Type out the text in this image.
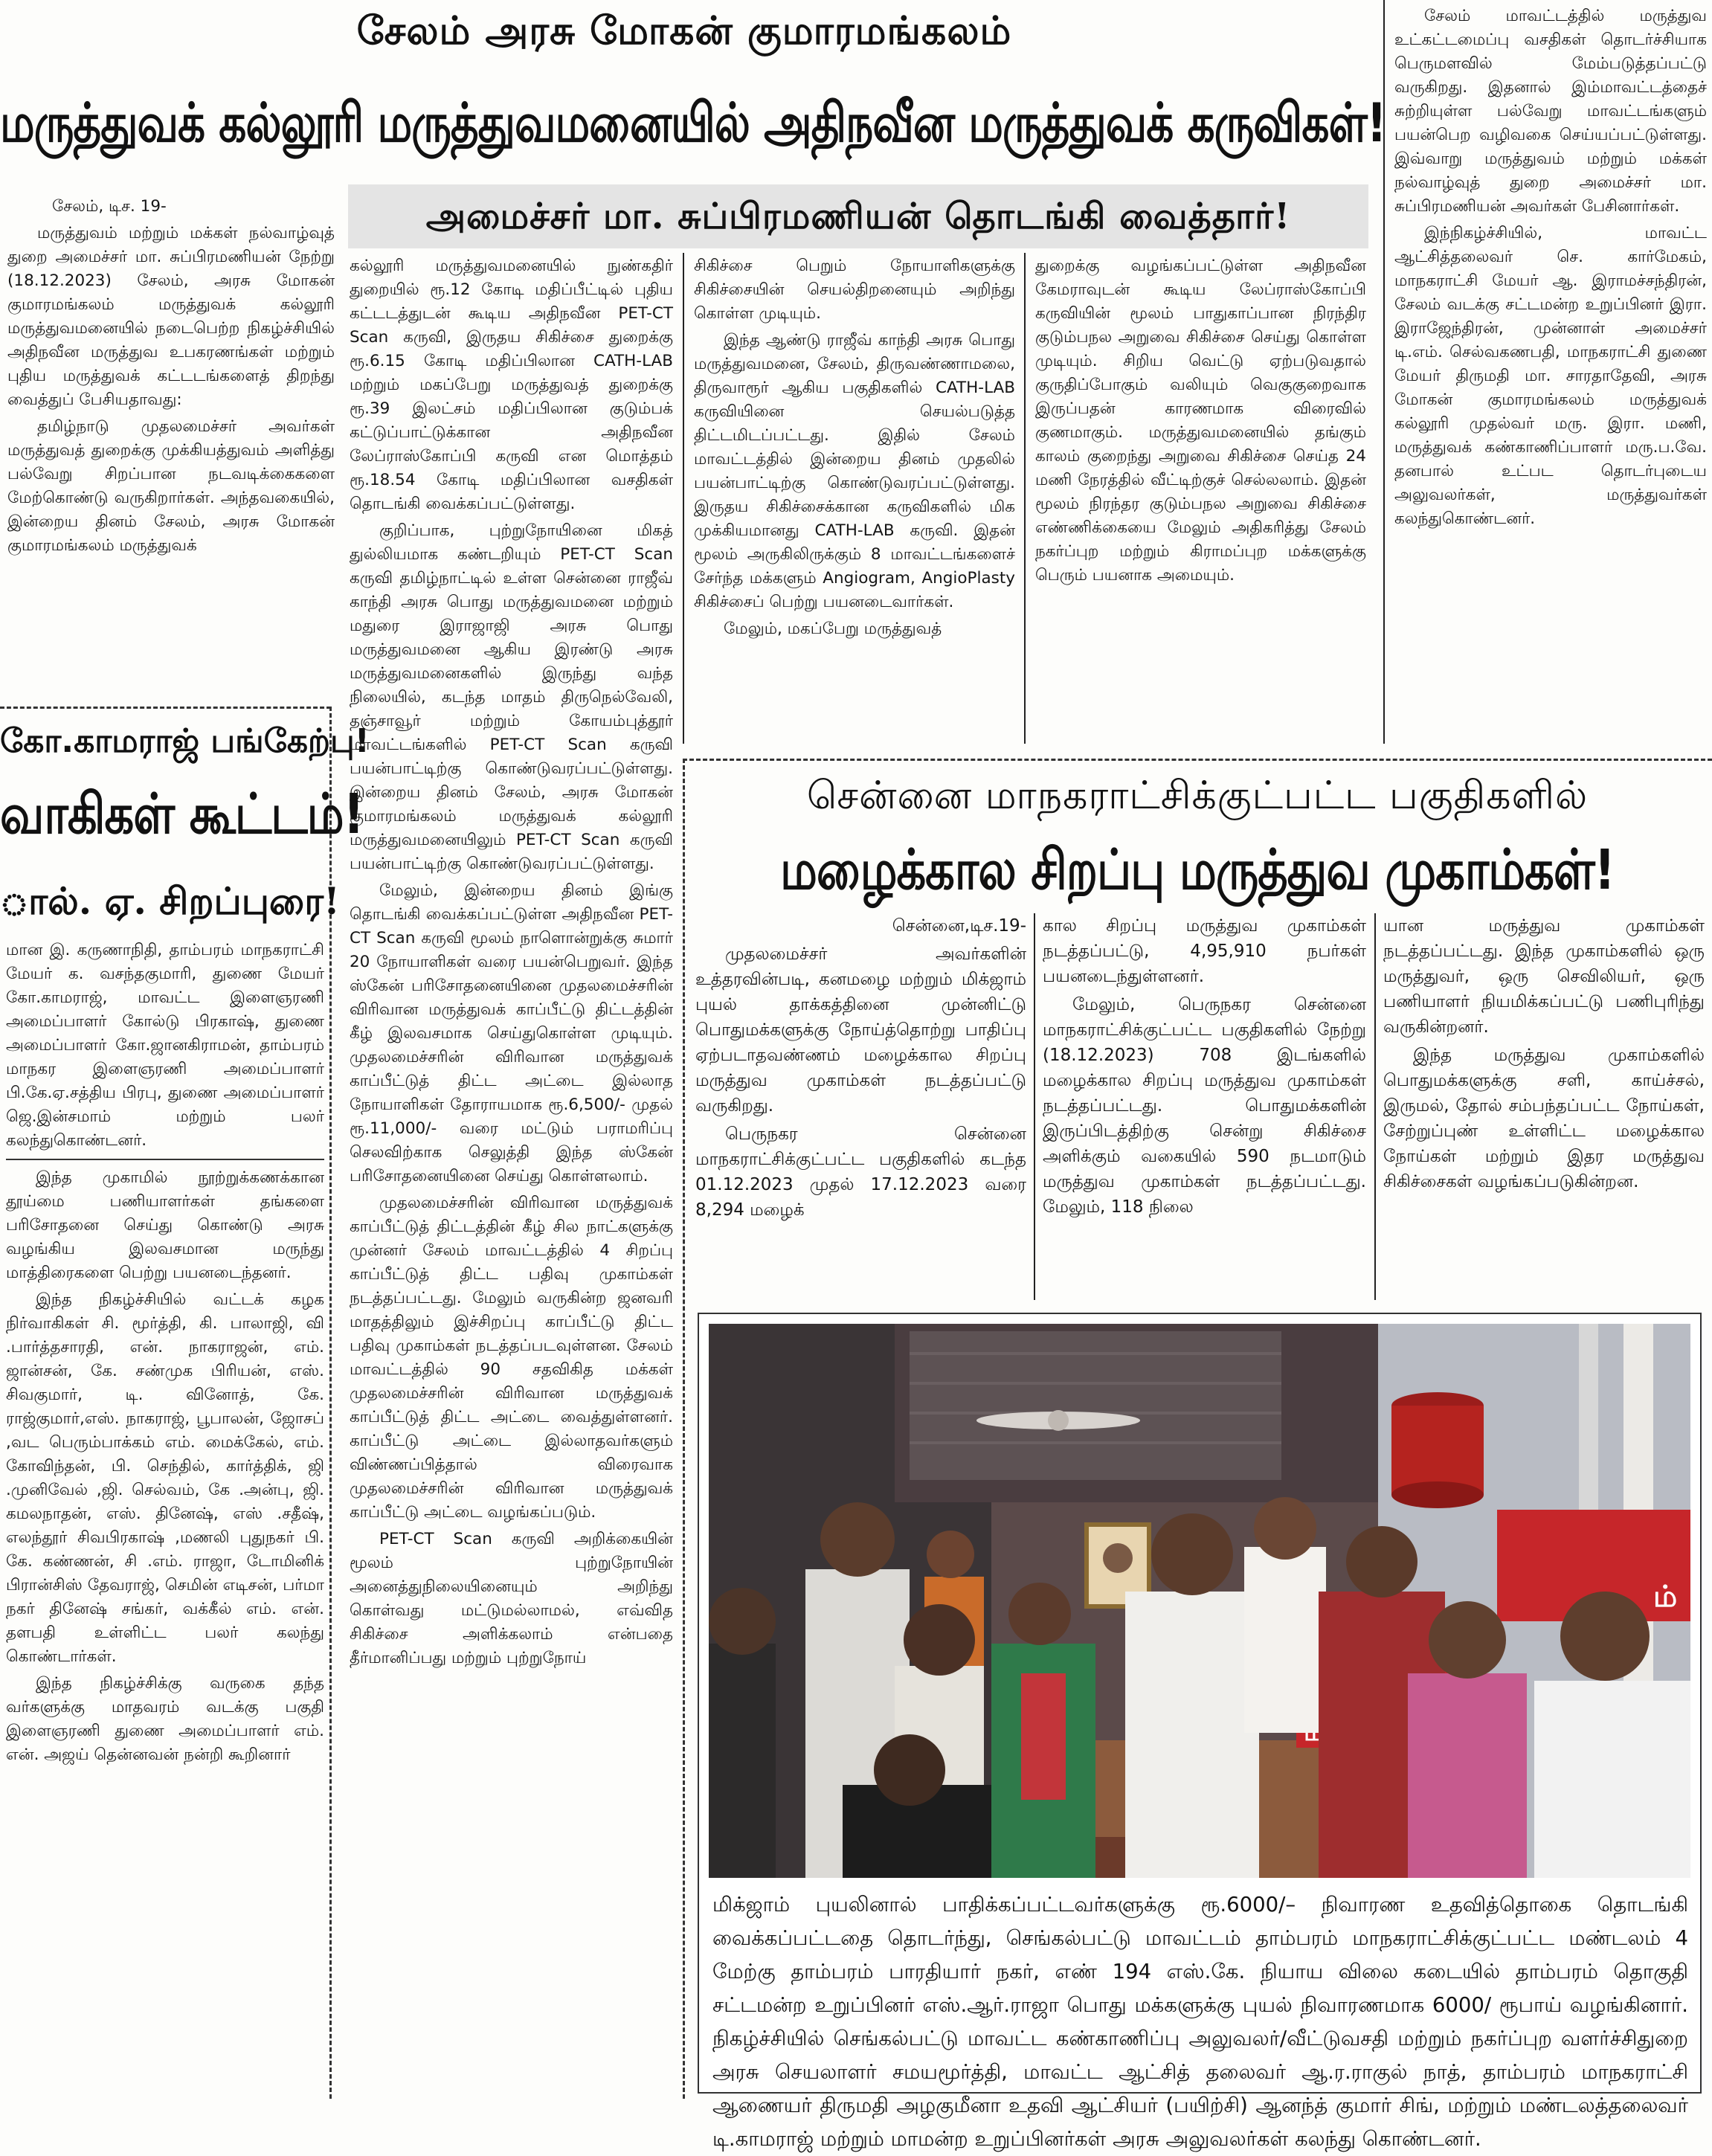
சேலம் அரசு மோகன் குமாரமங்கலம்
மருத்துவக் கல்லூரி மருத்துவமனையில் அதிநவீன மருத்துவக் கருவிகள்!
அமைச்சர் மா. சுப்பிரமணியன் தொடங்கி வைத்தார்!

சேலம், டிச. 19-

மருத்துவம் மற்றும் மக்கள் நல்வாழ்வுத் துறை அமைச்சர் மா. சுப்பிரமணியன் நேற்று (18.12.2023) சேலம், அரசு மோகன் குமாரமங்கலம் மருத்துவக் கல்லூரி மருத்துவமனையில் நடைபெற்ற நிகழ்ச்சியில் அதிநவீன மருத்துவ உபகரணங்கள் மற்றும் புதிய மருத்துவக் கட்டடங்களைத் திறந்து வைத்துப் பேசியதாவது:

தமிழ்நாடு முதலமைச்சர் அவர்கள் மருத்துவத் துறைக்கு முக்கியத்துவம் அளித்து பல்வேறு சிறப்பான நடவடிக்கைகளை மேற்கொண்டு வருகிறார்கள். அந்தவகையில், இன்றைய தினம் சேலம், அரசு மோகன் குமாரமங்கலம் மருத்துவக்

கல்லூரி மருத்துவமனையில் நுண்கதிர் துறையில் ரூ.12 கோடி மதிப்பீட்டில் புதிய கட்டடத்துடன் கூடிய அதிநவீன PET-CT Scan கருவி, இருதய சிகிச்சை துறைக்கு ரூ.6.15 கோடி மதிப்பிலான CATH-LAB மற்றும் மகப்பேறு மருத்துவத் துறைக்கு ரூ.39 இலட்சம் மதிப்பிலான குடும்பக் கட்டுப்பாட்டுக்கான அதிநவீன லேப்ராஸ்கோப்பி கருவி என மொத்தம் ரூ.18.54 கோடி மதிப்பிலான வசதிகள் தொடங்கி வைக்கப்பட்டுள்ளது.

குறிப்பாக, புற்றுநோயினை மிகத் துல்லியமாக கண்டறியும் PET-CT Scan கருவி தமிழ்நாட்டில் உள்ள சென்னை ராஜீவ் காந்தி அரசு பொது மருத்துவமனை மற்றும் மதுரை இராஜாஜி அரசு பொது மருத்துவமனை ஆகிய இரண்டு அரசு மருத்துவமனைகளில் இருந்து வந்த நிலையில், கடந்த மாதம் திருநெல்வேலி, தஞ்சாவூர் மற்றும் கோயம்புத்தூர் மாவட்டங்களில் PET-CT Scan கருவி பயன்பாட்டிற்கு கொண்டுவரப்பட்டுள்ளது. இன்றைய தினம் சேலம், அரசு மோகன் குமாரமங்கலம் மருத்துவக் கல்லூரி மருத்துவமனையிலும் PET-CT Scan கருவி பயன்பாட்டிற்கு கொண்டுவரப்பட்டுள்ளது.

மேலும், இன்றைய தினம் இங்கு தொடங்கி வைக்கப்பட்டுள்ள அதிநவீன PET-CT Scan கருவி மூலம் நாளொன்றுக்கு சுமார் 20 நோயாளிகள் வரை பயன்பெறுவர். இந்த ஸ்கேன் பரிசோதனையினை முதலமைச்சரின் விரிவான மருத்துவக் காப்பீட்டு திட்டத்தின் கீழ் இலவசமாக செய்துகொள்ள முடியும். முதலமைச்சரின் விரிவான மருத்துவக் காப்பீட்டுத் திட்ட அட்டை இல்லாத நோயாளிகள் தோராயமாக ரூ.6,500/- முதல் ரூ.11,000/- வரை மட்டும் பராமரிப்பு செலவிற்காக செலுத்தி இந்த ஸ்கேன் பரிசோதனையினை செய்து கொள்ளலாம்.

முதலமைச்சரின் விரிவான மருத்துவக் காப்பீட்டுத் திட்டத்தின் கீழ் சில நாட்களுக்கு முன்னர் சேலம் மாவட்டத்தில் 4 சிறப்பு காப்பீட்டுத் திட்ட பதிவு முகாம்கள் நடத்தப்பட்டது. மேலும் வருகின்ற ஜனவரி மாதத்திலும் இச்சிறப்பு காப்பீட்டு திட்ட பதிவு முகாம்கள் நடத்தப்படவுள்ளன. சேலம் மாவட்டத்தில் 90 சதவிகித மக்கள் முதலமைச்சரின் விரிவான மருத்துவக் காப்பீட்டுத் திட்ட அட்டை வைத்துள்ளனர். காப்பீட்டு அட்டை இல்லாதவர்களும் விண்ணப்பித்தால் விரைவாக முதலமைச்சரின் விரிவான மருத்துவக் காப்பீட்டு அட்டை வழங்கப்படும்.

PET-CT Scan கருவி அறிக்கையின் மூலம் புற்றுநோயின் அனைத்துநிலையினையும் அறிந்து கொள்வது மட்டுமல்லாமல், எவ்வித சிகிச்சை அளிக்கலாம் என்பதை தீர்மானிப்பது மற்றும் புற்றுநோய்

சிகிச்சை பெறும் நோயாளிகளுக்கு சிகிச்சையின் செயல்திறனையும் அறிந்து கொள்ள முடியும்.

இந்த ஆண்டு ராஜீவ் காந்தி அரசு பொது மருத்துவமனை, சேலம், திருவண்ணாமலை, திருவாரூர் ஆகிய பகுதிகளில் CATH-LAB கருவியினை செயல்படுத்த திட்டமிடப்பட்டது. இதில் சேலம் மாவட்டத்தில் இன்றைய தினம் முதலில் பயன்பாட்டிற்கு கொண்டுவரப்பட்டுள்ளது. இருதய சிகிச்சைக்கான கருவிகளில் மிக முக்கியமானது CATH-LAB கருவி. இதன் மூலம் அருகிலிருக்கும் 8 மாவட்டங்களைச் சேர்ந்த மக்களும் Angiogram, AngioPlasty சிகிச்சைப் பெற்று பயனடைவார்கள்.

மேலும், மகப்பேறு மருத்துவத்

துறைக்கு வழங்கப்பட்டுள்ள அதிநவீன கேமராவுடன் கூடிய லேப்ராஸ்கோப்பி கருவியின் மூலம் பாதுகாப்பான நிரந்திர குடும்பநல அறுவை சிகிச்சை செய்து கொள்ள முடியும். சிறிய வெட்டு ஏற்படுவதால் குருதிப்போகும் வலியும் வெகுகுறைவாக இருப்பதன் காரணமாக விரைவில் குணமாகும். மருத்துவமனையில் தங்கும் காலம் குறைந்து அறுவை சிகிச்சை செய்த 24 மணி நேரத்தில் வீட்டிற்குச் செல்லலாம். இதன் மூலம் நிரந்தர குடும்பநல அறுவை சிகிச்சை எண்ணிக்கையை மேலும் அதிகரித்து சேலம் நகர்ப்புற மற்றும் கிராமப்புற மக்களுக்கு பெரும் பயனாக அமையும்.

சேலம் மாவட்டத்தில் மருத்துவ உட்கட்டமைப்பு வசதிகள் தொடர்ச்சியாக பெருமளவில் மேம்படுத்தப்பட்டு வருகிறது. இதனால் இம்மாவட்டத்தைச் சுற்றியுள்ள பல்வேறு மாவட்டங்களும் பயன்பெற வழிவகை செய்யப்பட்டுள்ளது. இவ்வாறு மருத்துவம் மற்றும் மக்கள் நல்வாழ்வுத் துறை அமைச்சர் மா. சுப்பிரமணியன் அவர்கள் பேசினார்கள்.

இந்நிகழ்ச்சியில், மாவட்ட ஆட்சித்தலைவர் செ. கார்மேகம், மாநகராட்சி மேயர் ஆ. இராமச்சந்திரன், சேலம் வடக்கு சட்டமன்ற உறுப்பினர் இரா. இராஜேந்திரன், முன்னாள் அமைச்சர் டி.எம். செல்வகணபதி, மாநகராட்சி துணை மேயர் திருமதி மா. சாரதாதேவி, அரசு மோகன் குமாரமங்கலம் மருத்துவக் கல்லூரி முதல்வர் மரு. இரா. மணி, மருத்துவக் கண்காணிப்பாளர் மரு.ப.வே. தனபால் உட்பட தொடர்புடைய அலுவலர்கள், மருத்துவர்கள் கலந்துகொண்டனர்.

கோ.காமராஜ் பங்கேற்பு!
வாகிகள் கூட்டம்!
ால். ஏ. சிறப்புரை!

மான இ. கருணாநிதி, தாம்பரம் மாநகராட்சி மேயர் க. வசந்தகுமாரி, துணை மேயர் கோ.காமராஜ், மாவட்ட இளைஞரணி அமைப்பாளர் கோல்டு பிரகாஷ், துணை அமைப்பாளர் கோ.ஜானகிராமன், தாம்பரம் மாநகர இளைஞரணி அமைப்பாளர் பி.கே.ஏ.சத்திய பிரபு, துணை அமைப்பாளர் ஜெ.இன்சமாம் மற்றும் பலர் கலந்துகொண்டனர்.

இந்த முகாமில் நூற்றுக்கணக்கான தூய்மை பணியாளர்கள் தங்களை பரிசோதனை செய்து கொண்டு அரசு வழங்கிய இலவசமான மருந்து மாத்திரைகளை பெற்று பயனடைந்தனர்.

இந்த நிகழ்ச்சியில் வட்டக் கழக நிர்வாகிகள் சி. மூர்த்தி, கி. பாலாஜி, வி .பார்த்தசாரதி, என். நாகராஜன், எம். ஜான்சன், கே. சண்முக பிரியன், எஸ். சிவகுமார், டி. வினோத், கே. ராஜ்குமார்,எஸ். நாகராஜ், பூபாலன், ஜோசப் ,வட பெரும்பாக்கம் எம். மைக்கேல், எம். கோவிந்தன், பி. செந்தில், கார்த்திக், ஜி .முனிவேல் ,ஜி. செல்வம், கே .அன்பு, ஜி. கமலநாதன், எஸ். தினேஷ், எஸ் .சதீஷ், எலந்தூர் சிவபிரகாஷ் ,மணலி புதுநகர் பி. கே. கண்ணன், சி .எம். ராஜா, டோமினிக் பிரான்சிஸ் தேவராஜ், செமின் எடிசன், பர்மா நகர் தினேஷ் சங்கர், வக்கீல் எம். என். தளபதி உள்ளிட்ட பலர் கலந்து கொண்டார்கள்.

இந்த நிகழ்ச்சிக்கு வருகை தந்த வர்களுக்கு மாதவரம் வடக்கு பகுதி இளைஞரணி துணை அமைப்பாளர் எம். என். அஜய் தென்னவன் நன்றி கூறினார்

சென்னை மாநகராட்சிக்குட்பட்ட பகுதிகளில்
மழைக்கால சிறப்பு மருத்துவ முகாம்கள்!

சென்னை,டிச.19-

முதலமைச்சர் அவர்களின் உத்தரவின்படி, கனமழை மற்றும் மிக்ஜாம் புயல் தாக்கத்தினை முன்னிட்டு பொதுமக்களுக்கு நோய்த்தொற்று பாதிப்பு ஏற்படாதவண்ணம் மழைக்கால சிறப்பு மருத்துவ முகாம்கள் நடத்தப்பட்டு வருகிறது.

பெருநகர சென்னை மாநகராட்சிக்குட்பட்ட பகுதிகளில் கடந்த 01.12.2023 முதல் 17.12.2023 வரை 8,294 மழைக்

கால சிறப்பு மருத்துவ முகாம்கள் நடத்தப்பட்டு, 4,95,910 நபர்கள் பயனடைந்துள்ளனர்.

மேலும், பெருநகர சென்னை மாநகராட்சிக்குட்பட்ட பகுதிகளில் நேற்று (18.12.2023) 708 இடங்களில் மழைக்கால சிறப்பு மருத்துவ முகாம்கள் நடத்தப்பட்டது. பொதுமக்களின் இருப்பிடத்திற்கு சென்று சிகிச்சை அளிக்கும் வகையில் 590 நடமாடும் மருத்துவ முகாம்கள் நடத்தப்பட்டது. மேலும், 118 நிலை

யான மருத்துவ முகாம்கள் நடத்தப்பட்டது. இந்த முகாம்களில் ஒரு மருத்துவர், ஒரு செவிலியர், ஒரு பணியாளர் நியமிக்கப்பட்டு பணிபுரிந்து வருகின்றனர்.

இந்த மருத்துவ முகாம்களில் பொதுமக்களுக்கு சளி, காய்ச்சல், இருமல், தோல் சம்பந்தப்பட்ட நோய்கள், சேற்றுப்புண் உள்ளிட்ட மழைக்கால நோய்கள் மற்றும் இதர மருத்துவ சிகிச்சைகள் வழங்கப்படுகின்றன.

ம்
மிக்ஜாம் புயலினால் பாதிக்கப்பட்டவர்களுக்கு ரூ.6000/– நிவாரண உதவித்தொகை தொடங்கி வைக்கப்பட்டதை தொடர்ந்து, செங்கல்பட்டு மாவட்டம் தாம்பரம் மாநகராட்சிக்குட்பட்ட மண்டலம் 4 மேற்கு தாம்பரம் பாரதியார் நகர், எண் 194 எஸ்.கே. நியாய விலை கடையில் தாம்பரம் தொகுதி சட்டமன்ற உறுப்பினர் எஸ்.ஆர்.ராஜா பொது மக்களுக்கு புயல் நிவாரணமாக 6000/ ரூபாய் வழங்கினார். நிகழ்ச்சியில் செங்கல்பட்டு மாவட்ட கண்காணிப்பு அலுவலர்/வீட்டுவசதி மற்றும் நகர்ப்புற வளர்ச்சிதுறை அரசு செயலாளர் சமயமூர்த்தி, மாவட்ட ஆட்சித் தலைவர் ஆ.ர.ராகுல் நாத், தாம்பரம் மாநகராட்சி ஆணையர் திருமதி அழகுமீனா உதவி ஆட்சியர் (பயிற்சி) ஆனந்த் குமார் சிங், மற்றும் மண்டலத்தலைவர் டி.காமராஜ் மற்றும் மாமன்ற உறுப்பினர்கள் அரசு அலுவலர்கள் கலந்து கொண்டனர்.
